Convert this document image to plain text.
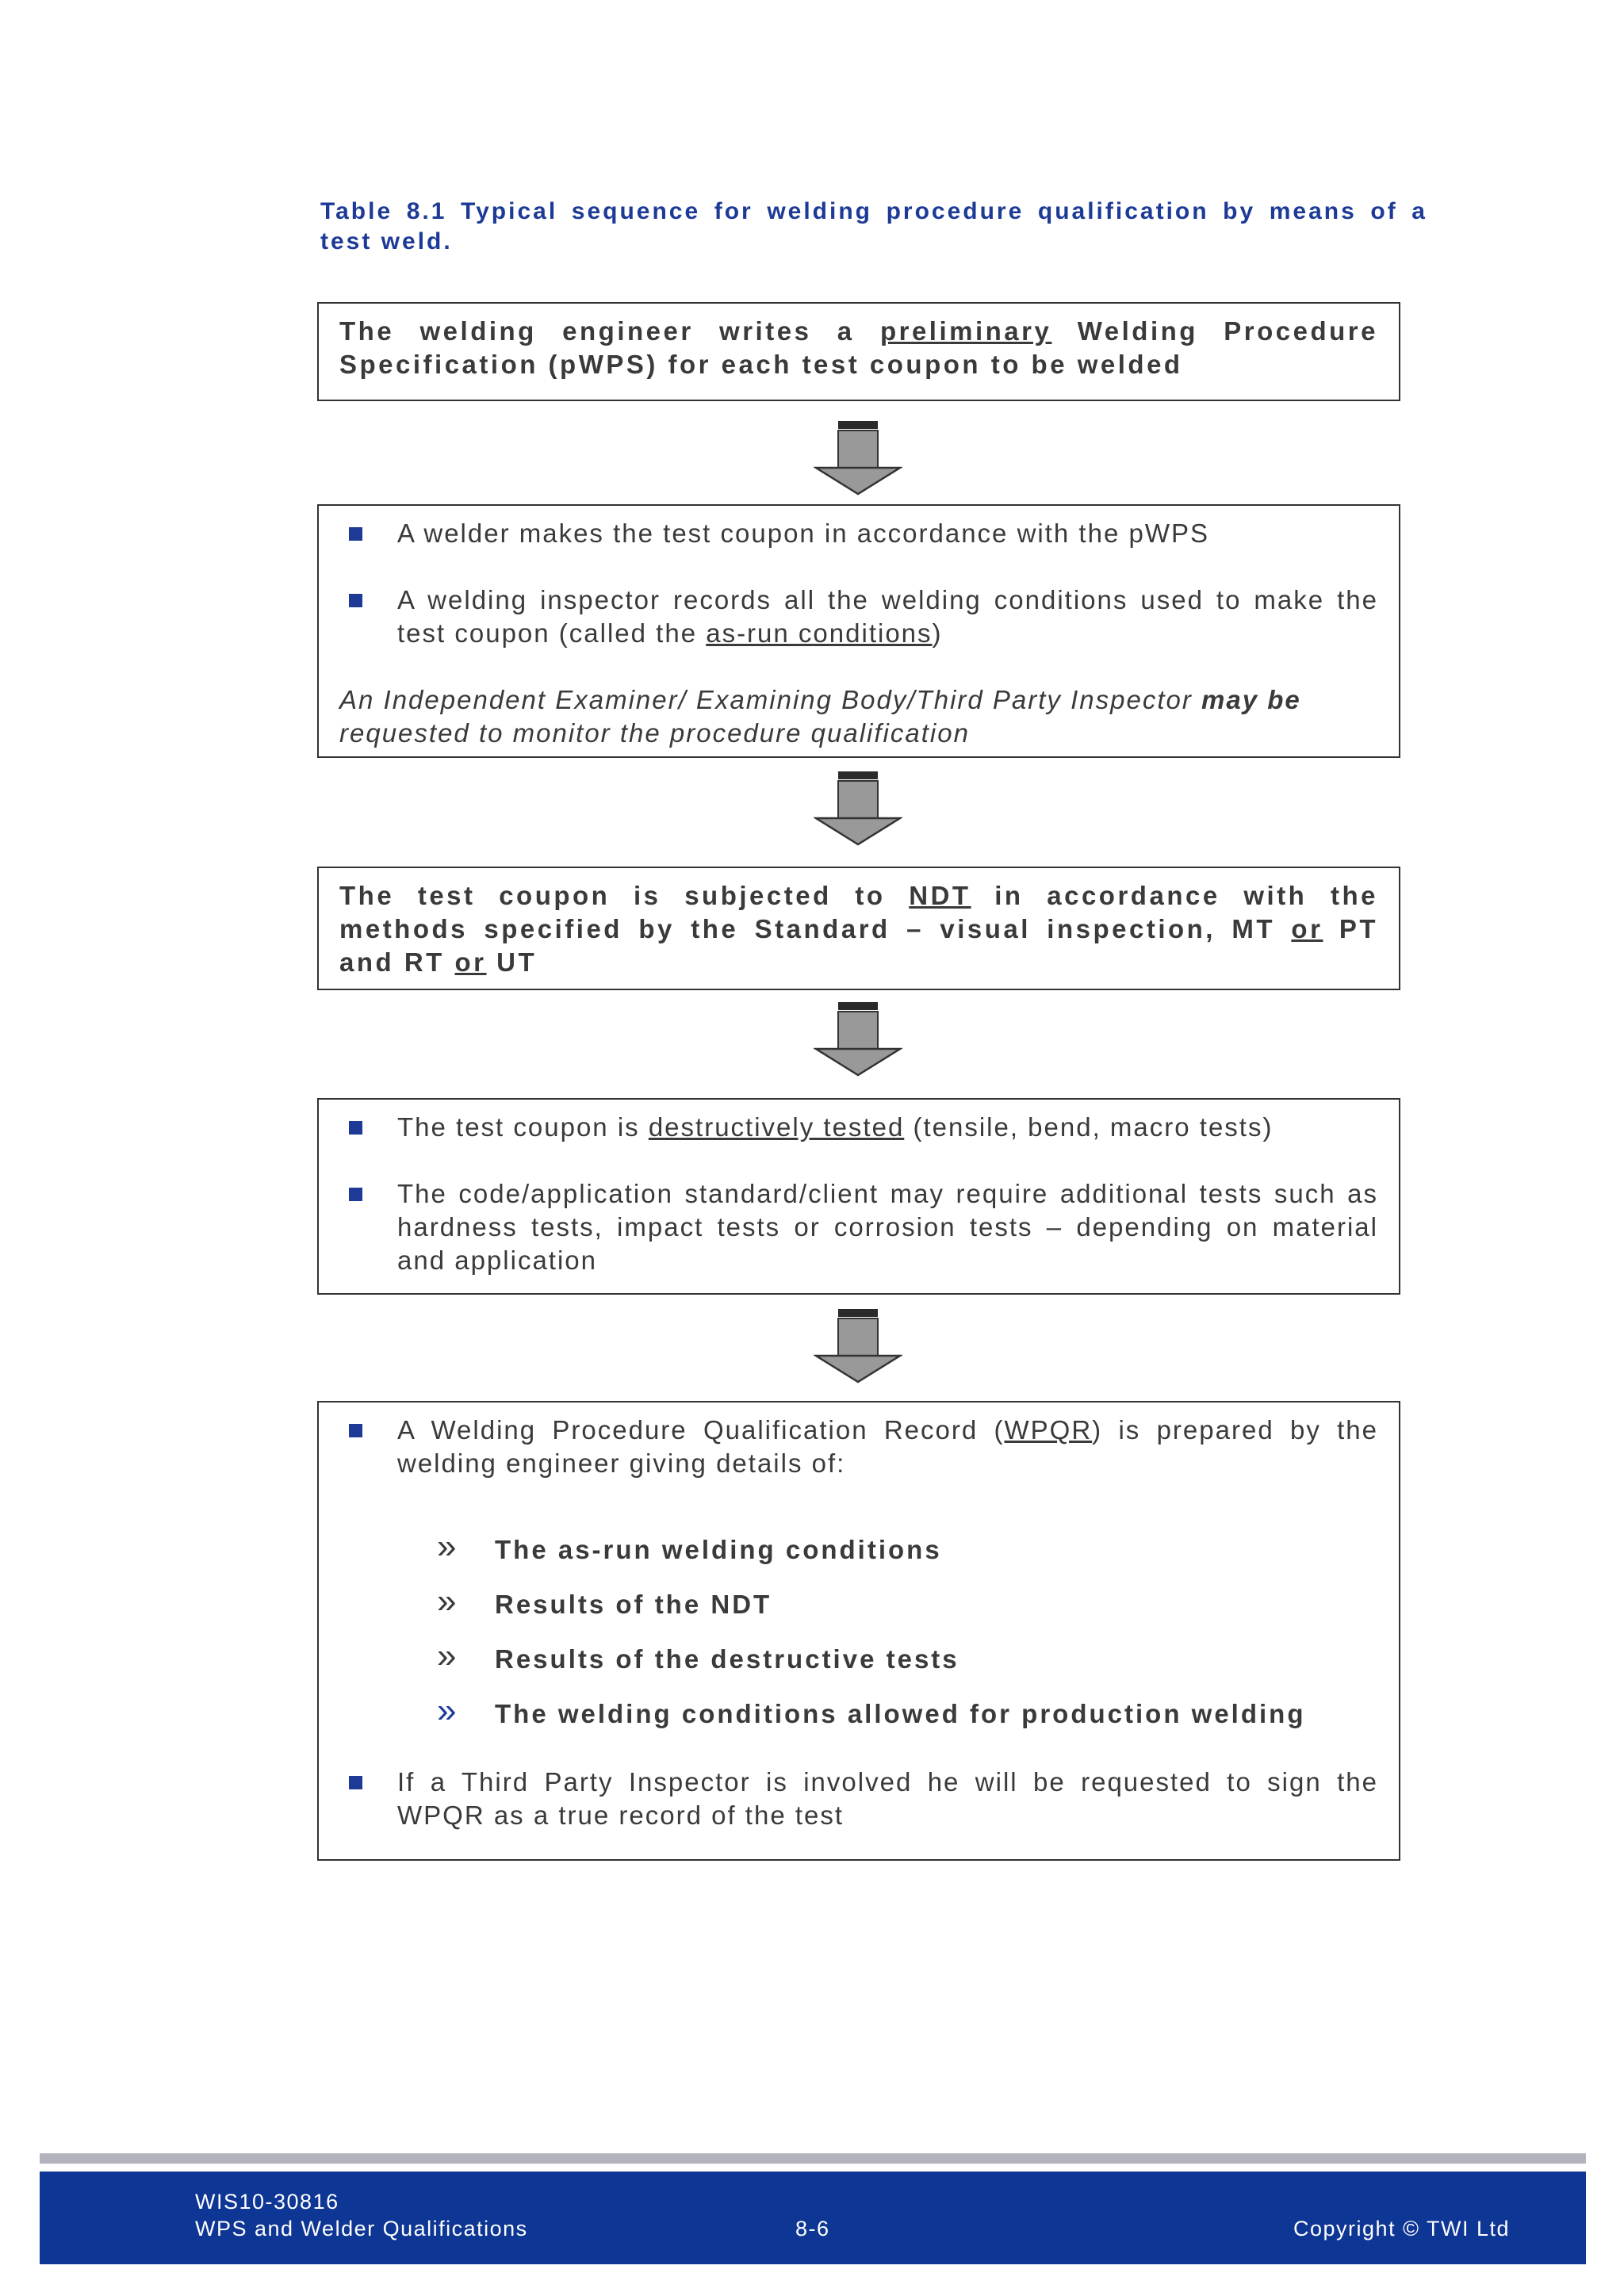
Table 8.1 Typical sequence for welding procedure qualification by means of a test weld.

The welding engineer writes a preliminary Welding Procedure Specification (pWPS) for each test coupon to be welded

A welder makes the test coupon in accordance with the pWPS

A welding inspector records all the welding conditions used to make the test coupon (called the as-run conditions)

An Independent Examiner/ Examining Body/Third Party Inspector may be requested to monitor the procedure qualification

The test coupon is subjected to NDT in accordance with the methods specified by the Standard – visual inspection, MT or PT and RT or UT

The test coupon is destructively tested (tensile, bend, macro tests)

The code/application standard/client may require additional tests such as hardness tests, impact tests or corrosion tests – depending on material and application

A Welding Procedure Qualification Record (WPQR) is prepared by the welding engineer giving details of:

» The as-run welding conditions

» Results of the NDT

» Results of the destructive tests

» The welding conditions allowed for production welding

If a Third Party Inspector is involved he will be requested to sign the WPQR as a true record of the test

WIS10-30816
WPS and Welder Qualifications	8-6	Copyright © TWI Ltd
